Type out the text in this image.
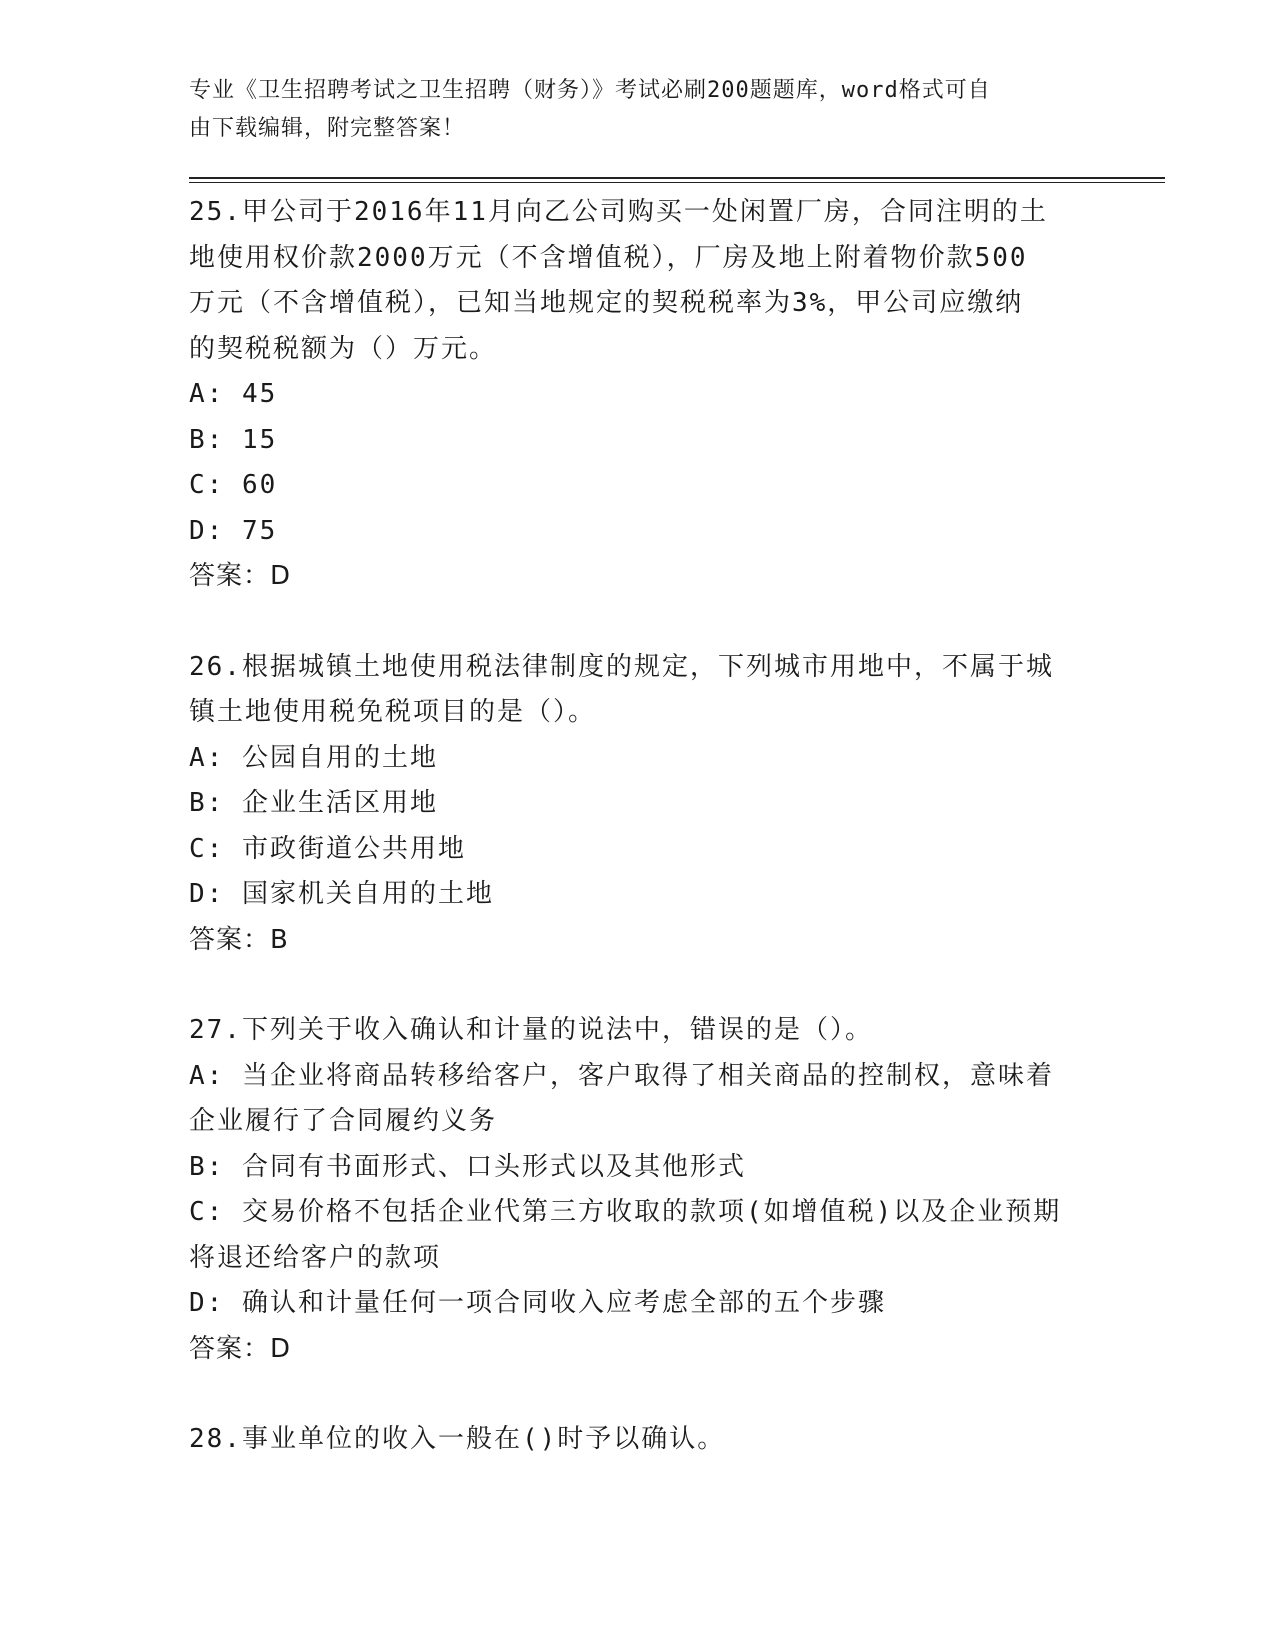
专业《卫生招聘考试之卫生招聘（财务）》考试必刷200题题库，word格式可自
由下载编辑，附完整答案！
25.甲公司于2016年11月向乙公司购买一处闲置厂房，合同注明的土
地使用权价款2000万元（不含增值税），厂房及地上附着物价款500
万元（不含增值税），已知当地规定的契税税率为3%，甲公司应缴纳
的契税税额为（）万元。
A: 45
B: 15
C: 60
D: 75
答案：D
26.根据城镇土地使用税法律制度的规定，下列城市用地中，不属于城
镇土地使用税免税项目的是（）。
A: 公园自用的土地
B: 企业生活区用地
C: 市政街道公共用地
D: 国家机关自用的土地
答案：B
27.下列关于收入确认和计量的说法中，错误的是（）。
A: 当企业将商品转移给客户，客户取得了相关商品的控制权，意味着
企业履行了合同履约义务
B: 合同有书面形式、口头形式以及其他形式
C: 交易价格不包括企业代第三方收取的款项(如增值税)以及企业预期
将退还给客户的款项
D: 确认和计量任何一项合同收入应考虑全部的五个步骤
答案：D
28.事业单位的收入一般在()时予以确认。
